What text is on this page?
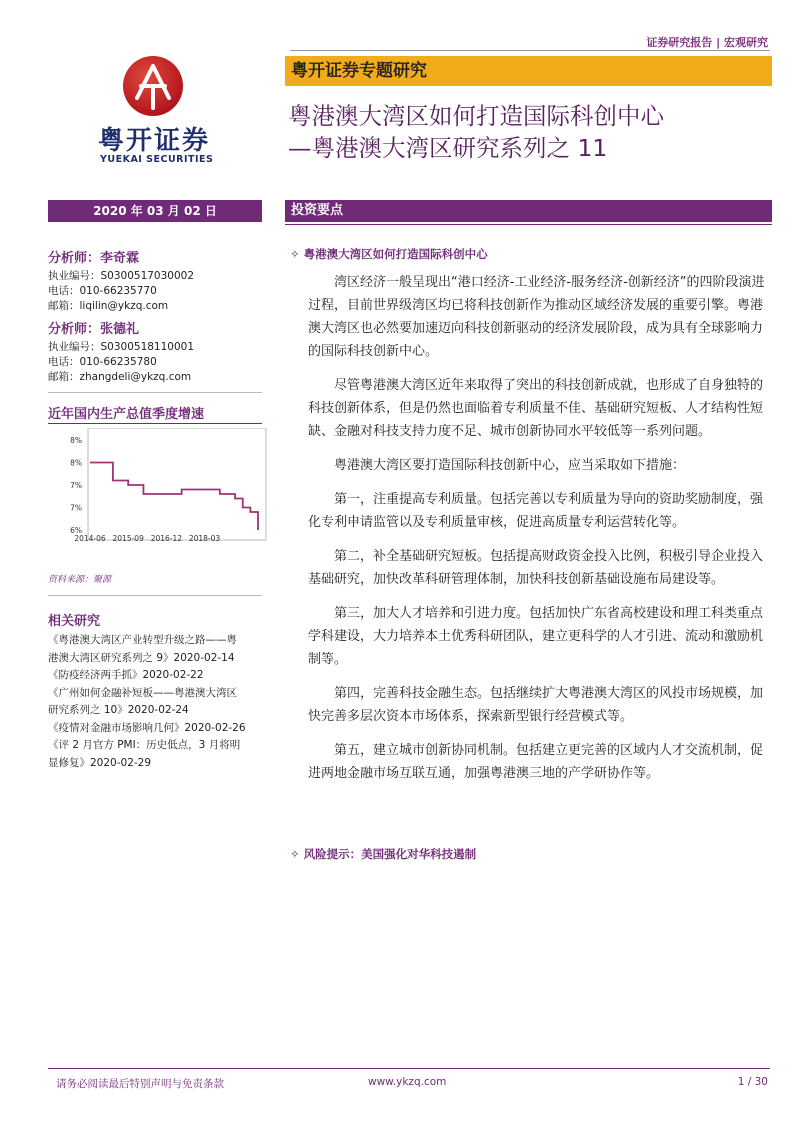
证券研究报告 | 宏观研究
粤开证券
YUEKAI SECURITIES
粤开证券专题研究
粤港澳大湾区如何打造国际科创中心
—粤港澳大湾区研究系列之 11
2020 年 03 月 02 日	投资要点
分析师：李奇霖
执业编号：S0300517030002
电话：010-66235770
邮箱：liqilin@ykzq.com
分析师：张德礼
执业编号：S0300518110001
电话：010-66235780
邮箱：zhangdeli@ykzq.com
近年国内生产总值季度增速
8%
8%
7%
7%
6%
2014-06 2015-09 2016-12 2018-03
资料来源：聚源
相关研究
《粤港澳大湾区产业转型升级之路——粤
港澳大湾区研究系列之 9》2020-02-14
《防疫经济两手抓》2020-02-22
《广州如何金融补短板——粤港澳大湾区
研究系列之 10》2020-02-24
《疫情对金融市场影响几何》2020-02-26
《评 2 月官方 PMI：历史低点，3 月将明
显修复》2020-02-29
✧ 粤港澳大湾区如何打造国际科创中心

湾区经济一般呈现出“港口经济-工业经济-服务经济-创新经济”的四阶段演进过程，目前世界级湾区均已将科技创新作为推动区域经济发展的重要引擎。粤港澳大湾区也必然要加速迈向科技创新驱动的经济发展阶段，成为具有全球影响力的国际科技创新中心。

尽管粤港澳大湾区近年来取得了突出的科技创新成就，也形成了自身独特的科技创新体系，但是仍然也面临着专利质量不佳、基础研究短板、人才结构性短缺、金融对科技支持力度不足、城市创新协同水平较低等一系列问题。

粤港澳大湾区要打造国际科技创新中心，应当采取如下措施：

第一，注重提高专利质量。包括完善以专利质量为导向的资助奖励制度，强化专利申请监管以及专利质量审核，促进高质量专利运营转化等。

第二，补全基础研究短板。包括提高财政资金投入比例，积极引导企业投入基础研究，加快改革科研管理体制，加快科技创新基础设施布局建设等。

第三，加大人才培养和引进力度。包括加快广东省高校建设和理工科类重点学科建设，大力培养本土优秀科研团队，建立更科学的人才引进、流动和激励机制等。

第四，完善科技金融生态。包括继续扩大粤港澳大湾区的风投市场规模，加快完善多层次资本市场体系，探索新型银行经营模式等。

第五，建立城市创新协同机制。包括建立更完善的区域内人才交流机制，促进两地金融市场互联互通，加强粤港澳三地的产学研协作等。

✧ 风险提示：美国强化对华科技遏制
请务必阅读最后特别声明与免责条款	www.ykzq.com	1 / 30
